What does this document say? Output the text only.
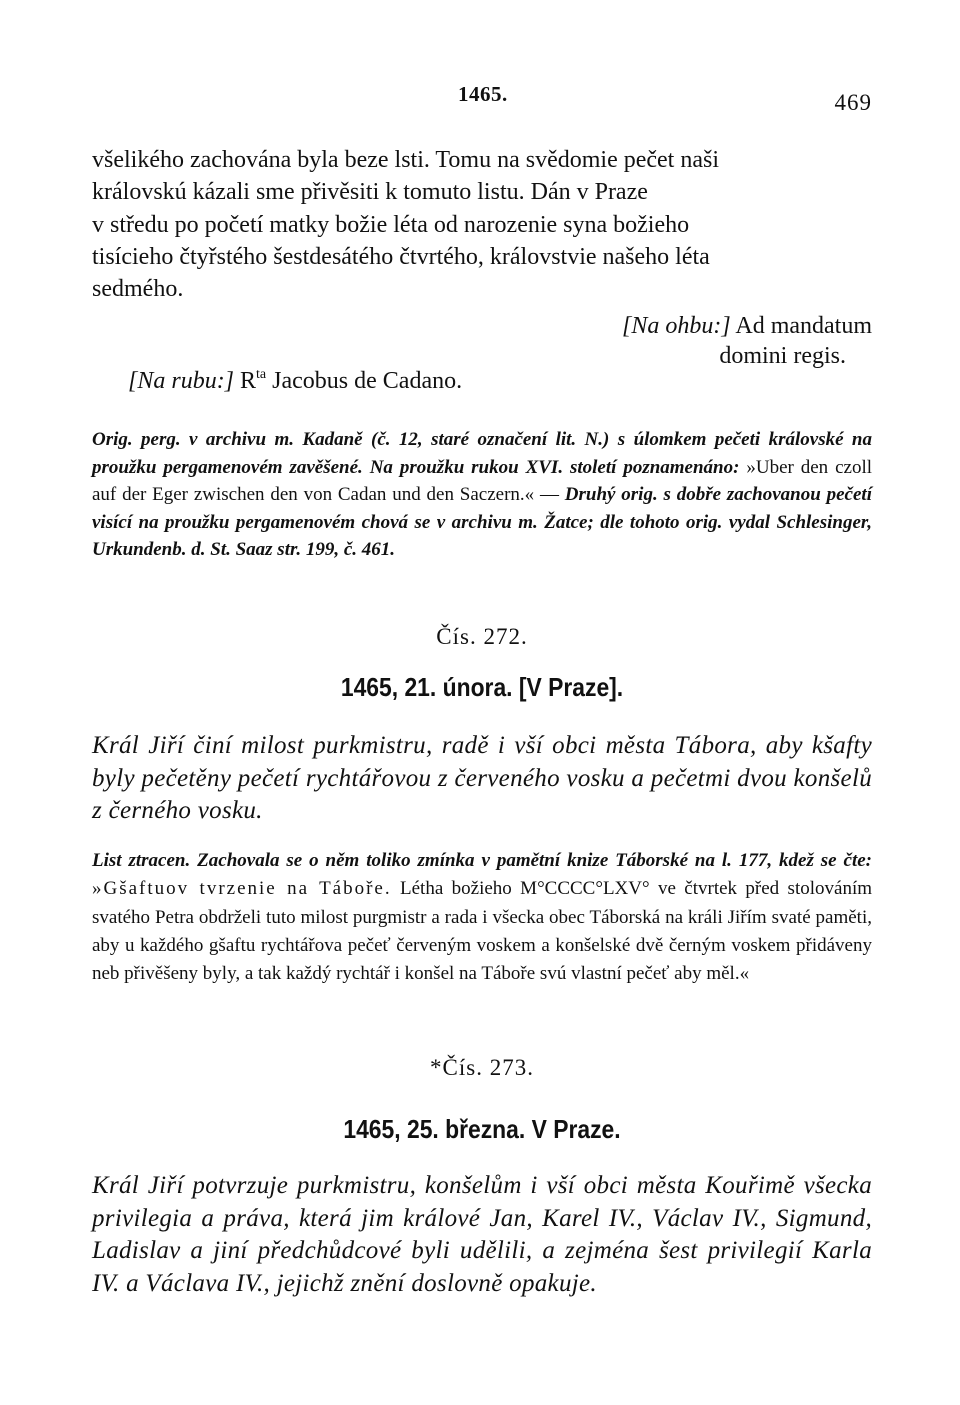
1465.	469
všelikého zachována byla beze lsti. Tomu na svědomie pečet naši
královskú kázali sme přivěsiti k tomuto listu. Dán v Praze
v středu po početí matky božie léta od narozenie syna božieho
tisícieho čtyřstého šestdesátého čtvrtého, královstvie našeho léta
sedmého.
[Na ohbu:] Ad mandatum
domini regis.
[Na rubu:] $R^{ta}$ Jacobus de Cadano.
Orig. perg. v archivu m. Kadaně (č. 12, staré označení lit. N.) s úlomkem pečeti královské na proužku pergamenovém zavěšené. Na proužku rukou XVI. století poznamenáno: »Uber den czoll auf der Eger zwischen den von Cadan und den Saczern.« — Druhý orig. s dobře zachovanou pečetí visící na proužku pergamenovém chová se v archivu m. Žatce; dle tohoto orig. vydal Schlesinger, Urkundenb. d. St. Saaz str. 199, č. 461.
Čís. 272.
1465, 21. února. [V Praze].
Král Jiří činí milost purkmistru, radě i vší obci města Tábora, aby kšafty byly pečetěny pečetí rychtářovou z červeného vosku a pečetmi dvou konšelů z černého vosku.
List ztracen. Zachovala se o něm toliko zmínka v pamětní knize Táborské na l. 177, kdež se čte: »Gšaftuov tvrzenie na Tábořе. Létha božieho M°CCCC°LXV° ve čtvrtek před stolováním svatého Petra obdrželi tuto milost purgmistr a rada i všecka obec Táborská na králi Jiřím svaté paměti, aby u každého gšaftu rychtářova pečeť červeným voskem a konšelské dvě černým voskem přidáveny neb přivěšeny byly, a tak každý rychtář i konšel na Tábořе svú vlastní pečeť aby měl.«
*Čís. 273.
1465, 25. března. V Praze.
Král Jiří potvrzuje purkmistru, konšelům i vší obci města Kouřimě všecka privilegia a práva, která jim králové Jan, Karel IV., Václav IV., Sigmund, Ladislav a jiní předchůdcové byli udělili, a zejména šest privilegií Karla IV. a Václava IV., jejichž znění doslovně opakuje.
